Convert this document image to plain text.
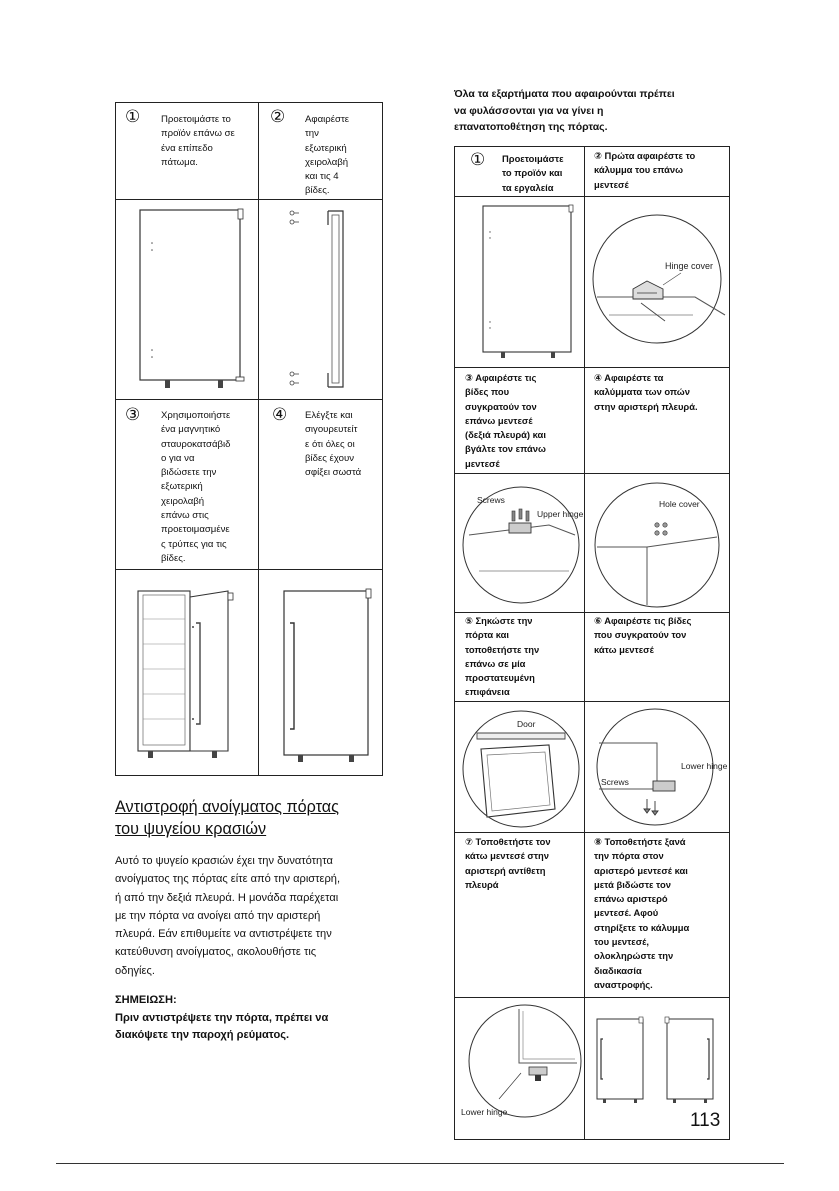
① Προετοιμάστε το
προϊόν επάνω σε
ένα επίπεδο
πάτωμα.
② Αφαιρέστε
την
εξωτερική
χειρολαβή
και τις 4
βίδες.
③ Χρησιμοποιήστε
ένα μαγνητικό
σταυροκατσάβιδ
ο για να
βιδώσετε την
εξωτερική
χειρολαβή
επάνω στις
προετοιμασμένε
ς τρύπες για τις
βίδες.
④ Ελέγξτε και
σιγουρευτείτ
ε ότι όλες οι
βίδες έχουν
σφίξει σωστά
Αντιστροφή ανοίγματος πόρτας
του ψυγείου κρασιών
Αυτό το ψυγείο κρασιών έχει την δυνατότητα
ανοίγματος της πόρτας είτε από την αριστερή,
ή από την δεξιά πλευρά. Η μονάδα παρέχεται
με την πόρτα να ανοίγει από την αριστερή
πλευρά. Εάν επιθυμείτε να αντιστρέψετε την
κατεύθυνση ανοίγματος, ακολουθήστε τις
οδηγίες.
ΣΗΜΕΙΩΣΗ:
Πριν αντιστρέψετε την πόρτα, πρέπει να
διακόψετε την παροχή ρεύματος.
Όλα τα εξαρτήματα που αφαιρούνται πρέπει
να φυλάσσονται για να γίνει η
επανατοποθέτηση της πόρτας.
① Προετοιμάστε
το προϊόν και
τα εργαλεία
② Πρώτα αφαιρέστε το
κάλυμμα του επάνω
μεντεσέ
Hinge cover
③ Αφαιρέστε τις
βίδες που
συγκρατούν τον
επάνω μεντεσέ
(δεξιά πλευρά) και
βγάλτε τον επάνω
μεντεσέ
④ Αφαιρέστε τα
καλύμματα των οπών
στην αριστερή πλευρά.
Screws
Upper hinge
Hole cover
⑤ Σηκώστε την
πόρτα και
τοποθετήστε την
επάνω σε μία
προστατευμένη
επιφάνεια
⑥ Αφαιρέστε τις βίδες
που συγκρατούν τον
κάτω μεντεσέ
Door
Screws
Lower hinge
⑦ Τοποθετήστε τον
κάτω μεντεσέ στην
αριστερή αντίθετη
πλευρά
⑧ Τοποθετήστε ξανά
την πόρτα στον
αριστερό μεντεσέ και
μετά βιδώστε τον
επάνω αριστερό
μεντεσέ. Αφού
στηρίξετε το κάλυμμα
του μεντεσέ,
ολοκληρώστε την
διαδικασία
αναστροφής.
Lower hinge	113
